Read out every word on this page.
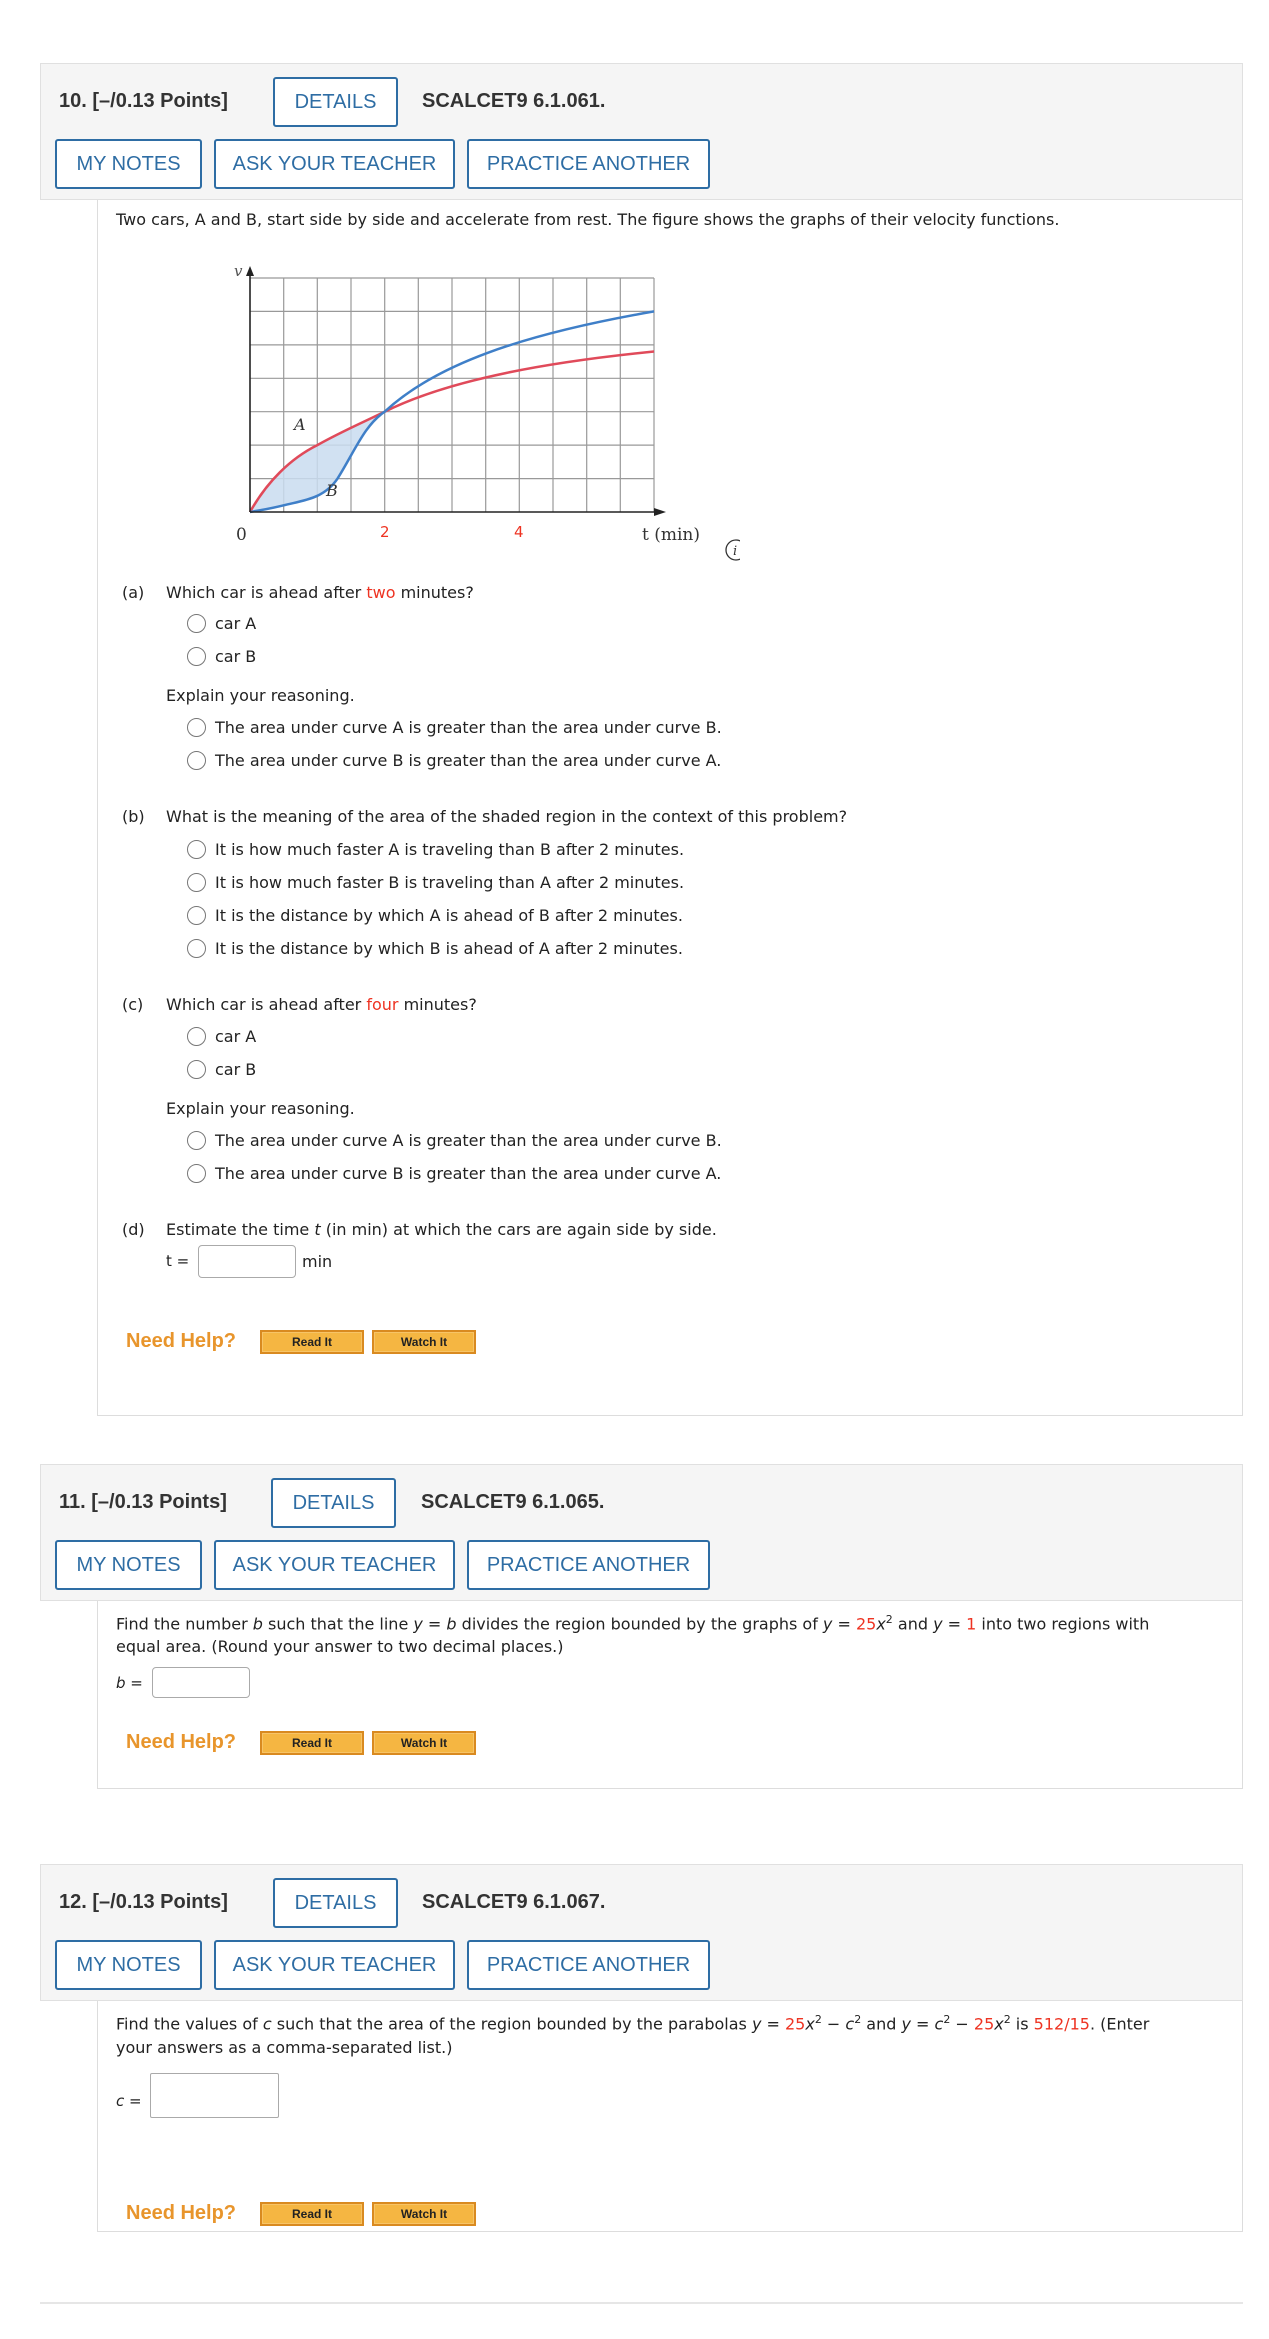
10. [–/0.13 Points]	DETAILS	SCALCET9 6.1.061.
MY NOTES	ASK YOUR TEACHER	PRACTICE ANOTHER
Two cars, A and B, start side by side and accelerate from rest. The figure shows the graphs of their velocity functions.
v
A
B
0	2	4	t (min)
i
(a) Which car is ahead after two minutes?
car A
car B
Explain your reasoning.
The area under curve A is greater than the area under curve B.
The area under curve B is greater than the area under curve A.
(b) What is the meaning of the area of the shaded region in the context of this problem?
It is how much faster A is traveling than B after 2 minutes.
It is how much faster B is traveling than A after 2 minutes.
It is the distance by which A is ahead of B after 2 minutes.
It is the distance by which B is ahead of A after 2 minutes.
(c) Which car is ahead after four minutes?
car A
car B
Explain your reasoning.
The area under curve A is greater than the area under curve B.
The area under curve B is greater than the area under curve A.
(d) Estimate the time t (in min) at which the cars are again side by side.
t =	min
Need Help?	Read It	Watch It
11. [–/0.13 Points]	DETAILS	SCALCET9 6.1.065.
MY NOTES	ASK YOUR TEACHER	PRACTICE ANOTHER
Find the number b such that the line y = b divides the region bounded by the graphs of $y = 25x^2$ and y = 1 into two regions with
equal area. (Round your answer to two decimal places.)
b =
Need Help?	Read It	Watch It
12. [–/0.13 Points]	DETAILS	SCALCET9 6.1.067.
MY NOTES	ASK YOUR TEACHER	PRACTICE ANOTHER
Find the values of c such that the area of the region bounded by the parabolas $y = 25x^2 - c^2$ and $y = c^2 - 25x^2$ is 512/15. (Enter
your answers as a comma-separated list.)
c =
Need Help?	Read It	Watch It
